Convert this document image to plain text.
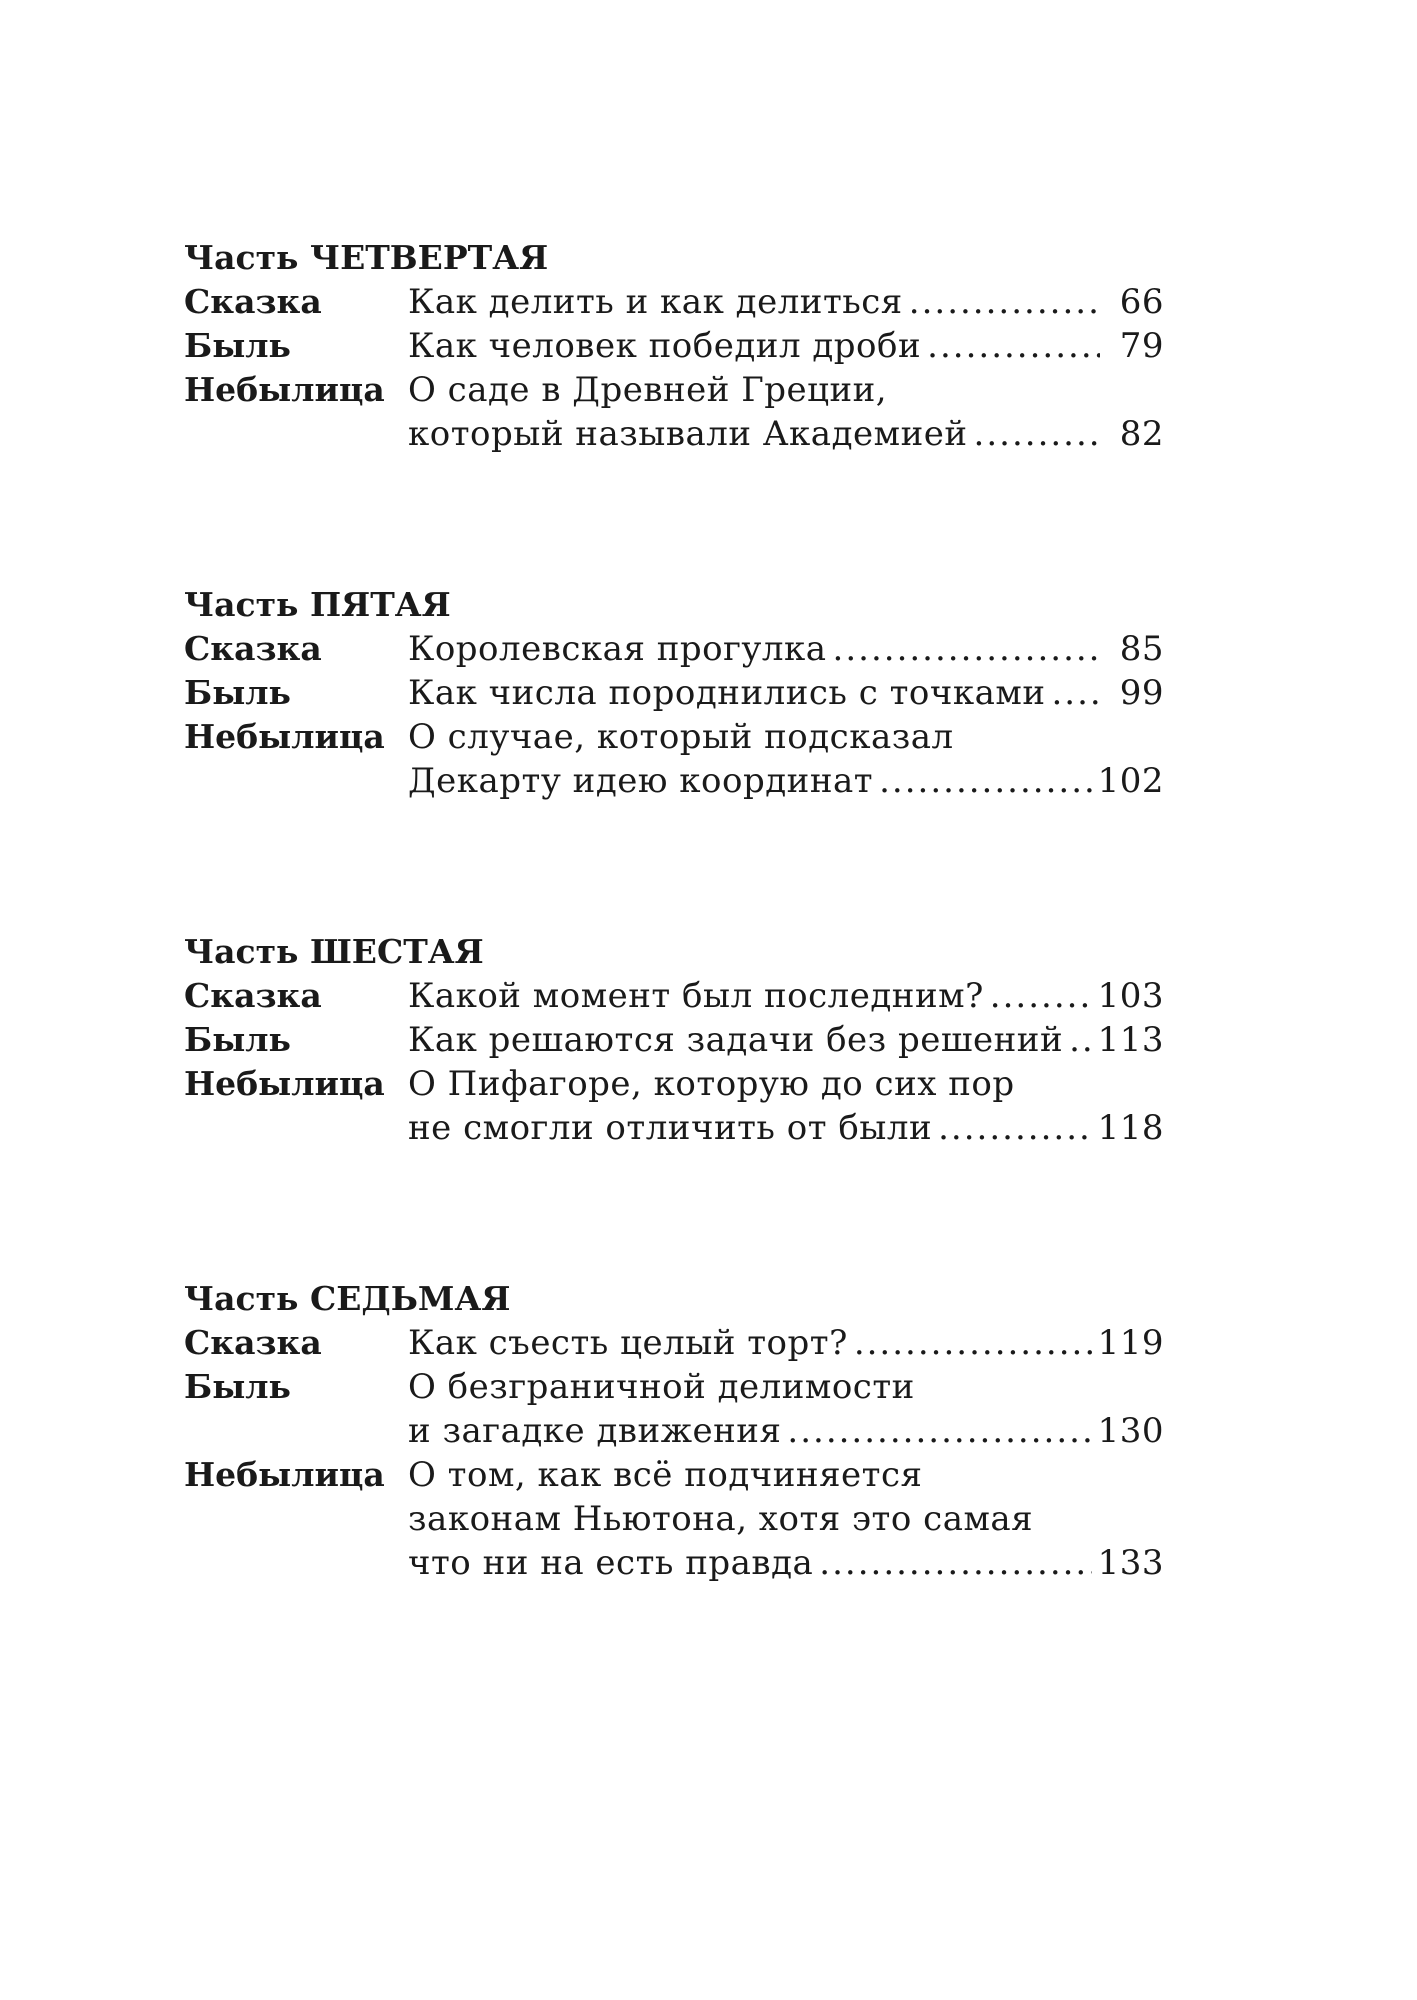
Часть ЧЕТВЕРТАЯ
Сказка	Как делить и как делиться .....	66
Быль	Как человек победил дроби .....	79
Небылица О саде в Древней Греции,
который называли Академией .....	82
Часть ПЯТАЯ
Сказка	Королевская прогулка .....	85
Быль	Как числа породнились с точками .....	99
Небылица О случае, который подсказал
Декарту идею координат .....	102
Часть ШЕСТАЯ
Сказка	Какой момент был последним? .....	103
Быль	Как решаются задачи без решений ..... 113
Небылица О Пифагоре, которую до сих пор
не смогли отличить от были .....	118
Часть СЕДЬМАЯ
Сказка	Как съесть целый торт? .....	119
Быль	О безграничной делимости
и загадке движения .....	130
Небылица О том, как всё подчиняется
законам Ньютона, хотя это самая
что ни на есть правда .....	133
